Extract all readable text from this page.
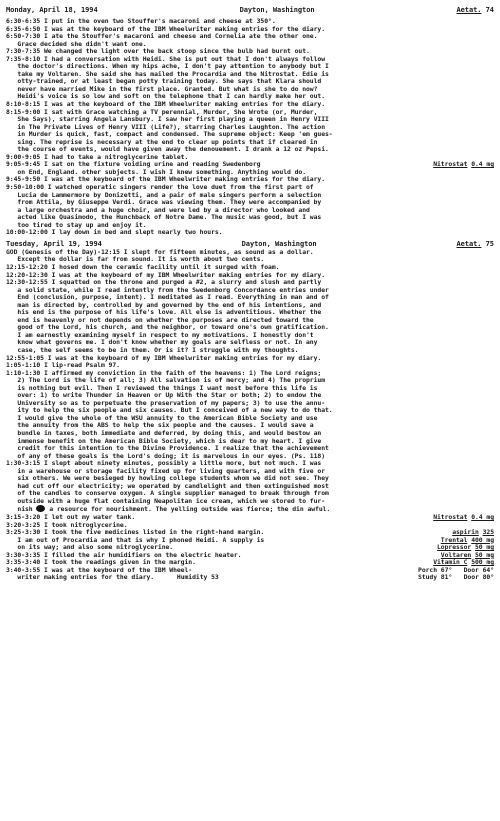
Monday, April 18, 1994	Dayton, Washington	Aetat. 74
6:30-6:35 I put in the oven two Stouffer's macaroni and cheese at 350°.
6:35-6:50 I was at the keyboard of the IBM Wheelwriter making entries for the diary.
6:50-7:30 I ate the Stouffer's macaroni and cheese and Cornelia ate the other one.
Grace decided she didn't want one.
7:30-7:35 We changed the light over the back stoop since the bulb had burnt out.
7:35-8:10 I had a conversation with Heidi. She is put out that I don't always follow
the doctor's directions. When my hips ache, I don't pay attention to anybody but I
take my Voltaren. She said she has mailed the Procardia and the Nitrostat. Edie is
otty-trained, or at least began potty training today. She says that Klara should
never have married Mike in the first place. Granted. But what is she to do now?
Heidi's voice is so low and soft on the telephone that I can hardly make her out.
8:10-8:15 I was at the keyboard of the IBM Wheelwriter making entries for the diary.
8:15-9:00 I sat with Grace watching a TV perennial, Murder, She Wrote (or, Murder,
She Says), starring Angela Lansbury. I saw her first playing a queen in Henry VIII
in The Private Lives of Henry VIII (Life?), starring Charles Laughton. The action
in Murder is quick, fast, compact and condensed. The supreme object: Keep 'em gues-
sing. The reprise is necessary at the end to clear up points that if cleared in
the course of events, would have given away the denouement. I drank a 12 oz Pepsi.
9:00-9:05 I had to take a nitroglycerine tablet.
9:05-9:45 I sat on the fixture voiding urine and reading Swedenborg	Nitrostat 0.4 mg
on End, England. other subjects. I wish I knew something. Anything would do.
9:45-9:50 I was at the keyboard of the IBM Wheelwriter making entries for the diary.
9:50-10:00 I watched operatic singers render the love duet from the first part of
Lucia de Lammermore by Donizetti, and a pair of male singers perform a selection
from Attila, by Giuseppe Verdi. Grace was viewing them. They were accompanied by
a large orchestra and a huge choir, and were led by a director who looked and
acted like Quasimodo, the Hunchback of Notre Dame. The music was good, but I was
too tired to stay up and enjoy it.
10:00-12:00 I lay down in bed and slept nearly two hours.
Tuesday, April 19, 1994	Dayton, Washington	Aetat. 75
GOD (Genesis of the Day)-12:15 I slept for fifteen minutes, as sound as a dollar.
Except the dollar is far from sound. It is worth about two cents.
12:15-12:20 I hosed down the ceramic facility until it surged with foam.
12:20-12:30 I was at the keyboard of my IBM Wheelwriter making entries for my diary.
12:30-12:55 I squatted on the throne and purged a #2, a slurry and slush and partly
a solid state, while I read intently from the Swedenborg Concordance entries under
End (conclusion, purpose, intent). I meditated as I read. Everything in man and of
man is directed by, controlled by and governed by the end of his intentions, and
his end is the purpose of his life's love. All else is adventitious. Whether the
end is heavenly or not depends on whether the purposes are directed toward the
good of the Lord, his church, and the neighbor, or toward one's own gratification.
I am earnestly examining myself in respect to my motivations. I honestly don't
know what governs me. I don't know whether my goals are selfless or not. In any
case, the self seems to be in them. Or is it? I struggle with my thoughts.
12:55-1:05 I was at the keyboard of my IBM Wheelwriter making entries for my diary.
1:05-1:10 I lip-read Psalm 97.
1:10-1:30 I affirmed my conviction in the faith of the heavens: 1) The Lord reigns;
2) The Lord is the life of all; 3) All salvation is of mercy; and 4) The proprium
is nothing but evil. Then I reviewed the things I want most before this life is
over: 1) to write Thunder in Heaven or Up With the Star or both; 2) to endow the
University so as to perpetuate the preservation of my papers; 3) to use the annu-
ity to help the six people and six causes. But I conceived of a new way to do that.
I would give the whole of the WSU annuity to the American Bible Society and use
the annuity from the ABS to help the six people and the causes. I would save a
bundle in taxes, both immediate and deferred, by doing this, and would bestow an
immense benefit on the American Bible Society, which is dear to my heart. I give
credit for this intention to the Divine Providence. I realize that the achievement
of any of these goals is the Lord's doing; it is marvelous in our eyes. (Ps. 118)
1:30-3:15 I slept about ninety minutes, possibly a little more, but not much. I was
in a warehouse or storage facility fixed up for living quarters, and with five or
six others. We were besieged by howling college students whom we did not see. They
had cut off our electricity; we operated by candlelight and then extinguished most
of the candles to conserve oxygen. A single supplier managed to break through from
outside with a huge flat containing Neapolitan ice cream, which we stored to fur-
nish	a resource for nourishment. The yelling outside was fierce; the din awful.
3:15-3:20 I let out my water tank.	Nitrostat 0.4 mg
3:20-3:25 I took nitroglycerine.
3:25-3:30 I took the five medicines listed in the right-hand margin.	aspirin 325
I am out of Procardia and that is why I phoned Heidi. A supply is	Trental 400 mg
on its way; and also some nitroglycerine.	Lopressor 50 mg
3:30-3:35 I filled the air humidifiers on the electric heater.	Voltaren 50 mg
3:35-3:40 I took the readings given in the margin.	Vitamin C 500 mg
3:40-3:55 I was at the keyboard of the IBM Wheel-	Porch 67° Door 64°
writer making entries for the diary.	Humidity 53	Study 81° Door 80°
